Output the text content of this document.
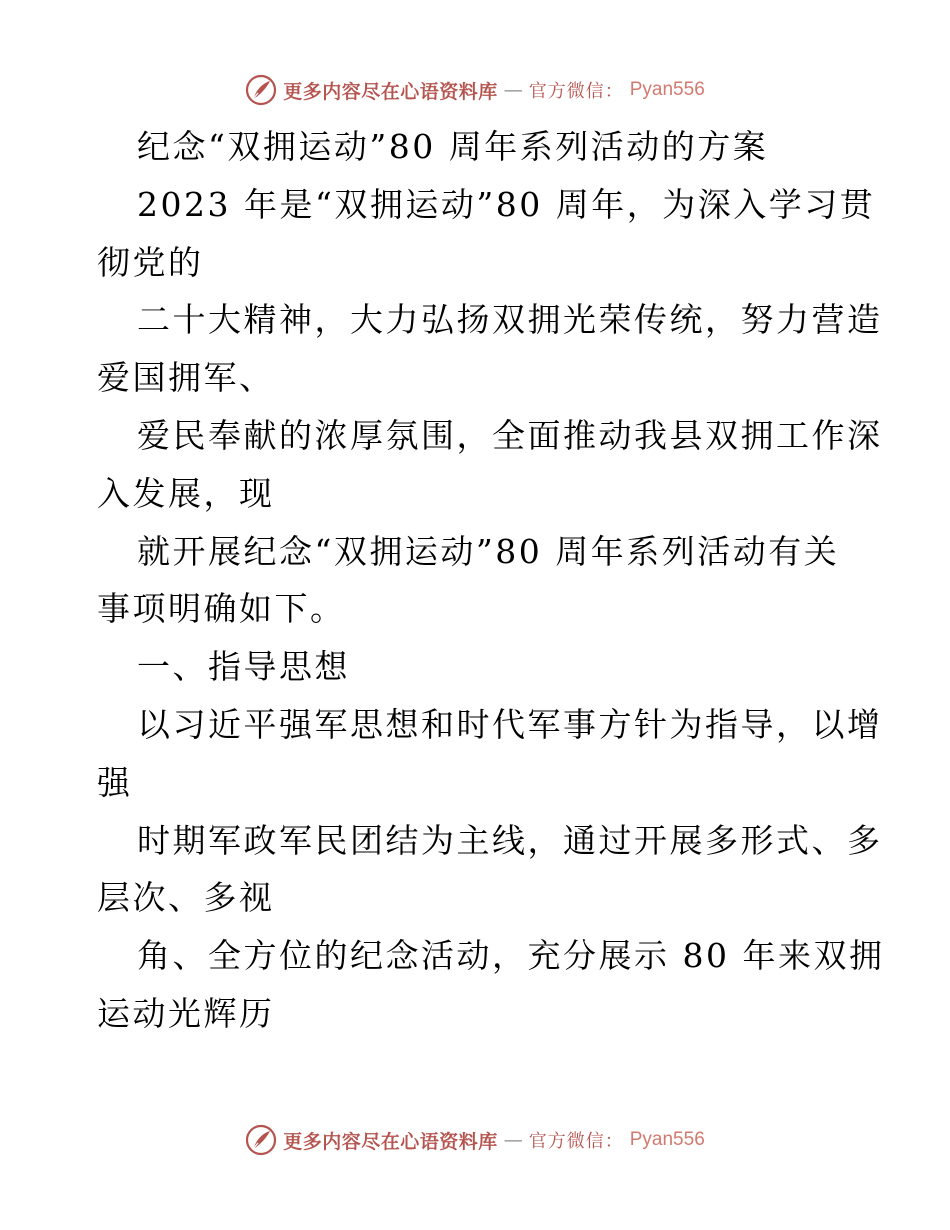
更多内容尽在心语资料库 — 官方微信： Pyan556
纪念“双拥运动”80 周年系列活动的方案
2023 年是“双拥运动”80 周年，为深入学习贯
彻党的
二十大精神，大力弘扬双拥光荣传统，努力营造
爱国拥军、
爱民奉献的浓厚氛围，全面推动我县双拥工作深
入发展，现
就开展纪念“双拥运动”80 周年系列活动有关
事项明确如下。
一、指导思想
以习近平强军思想和时代军事方针为指导，以增
强
时期军政军民团结为主线，通过开展多形式、多
层次、多视
角、全方位的纪念活动，充分展示 80 年来双拥
运动光辉历
更多内容尽在心语资料库 — 官方微信： Pyan556
